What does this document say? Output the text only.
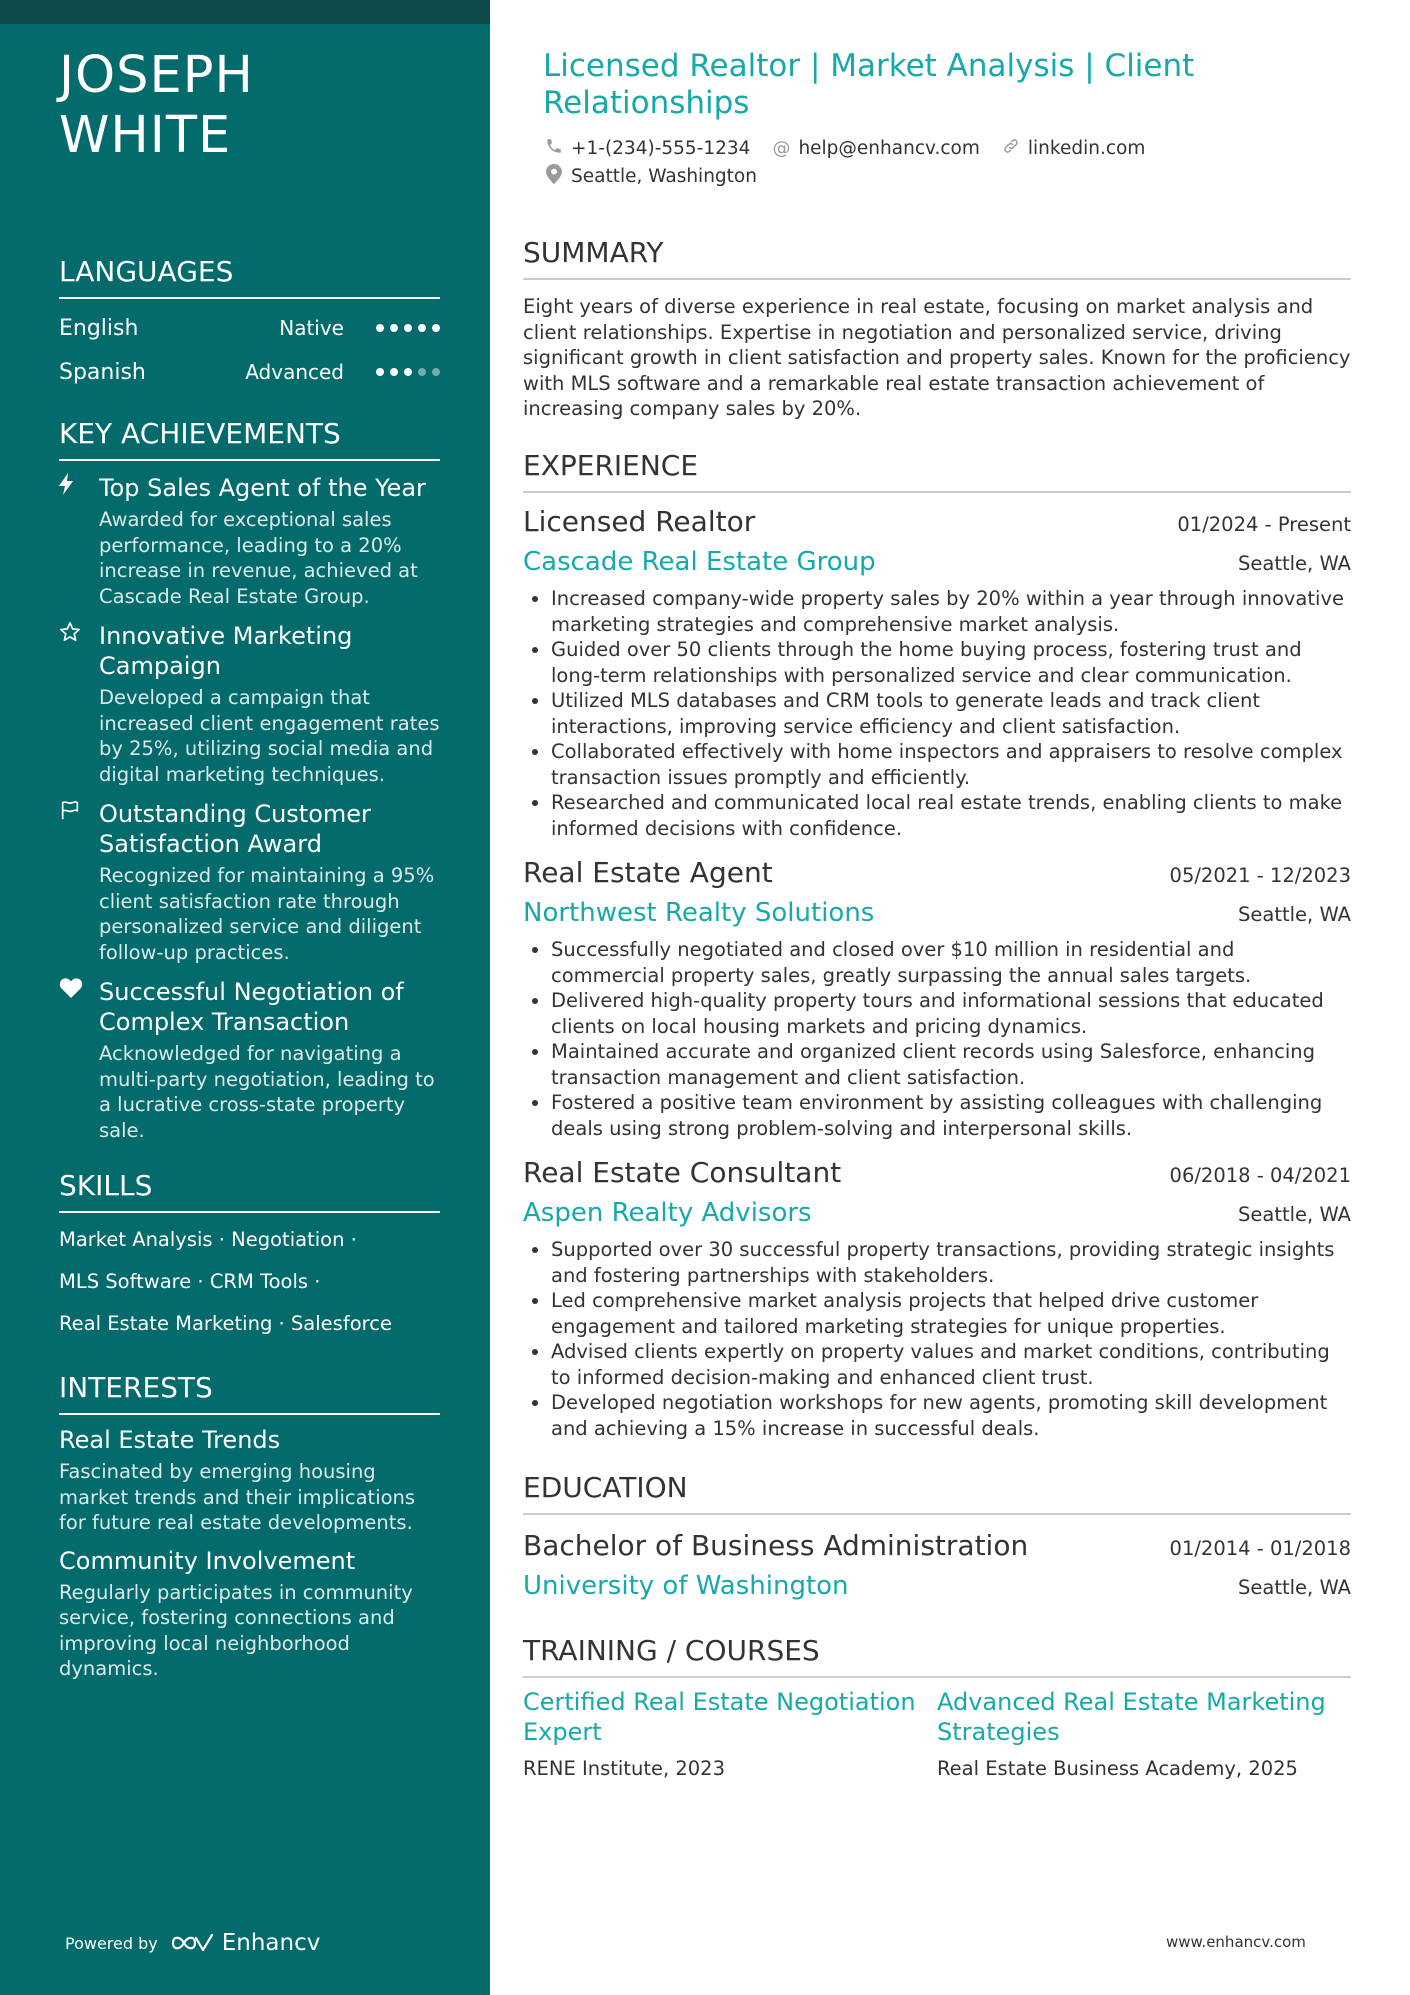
JOSEPH WHITE
LANGUAGES
English	Native
Spanish	Advanced
KEY ACHIEVEMENTS
Top Sales Agent of the Year
Awarded for exceptional sales performance, leading to a 20% increase in revenue, achieved at Cascade Real Estate Group.
Innovative Marketing Campaign
Developed a campaign that increased client engagement rates by 25%, utilizing social media and digital marketing techniques.
Outstanding Customer Satisfaction Award
Recognized for maintaining a 95% client satisfaction rate through personalized service and diligent follow-up practices.
Successful Negotiation of Complex Transaction
Acknowledged for navigating a multi-party negotiation, leading to a lucrative cross-state property sale.
SKILLS
Market Analysis · Negotiation ·
MLS Software · CRM Tools ·
Real Estate Marketing · Salesforce
INTERESTS
Real Estate Trends
Fascinated by emerging housing market trends and their implications for future real estate developments.
Community Involvement
Regularly participates in community service, fostering connections and improving local neighborhood dynamics.
Powered by	Enhancv
Licensed Realtor | Market Analysis | Client Relationships
+1-(234)-555-1234 @ help@enhancv.com	linkedin.com
Seattle, Washington
SUMMARY
Eight years of diverse experience in real estate, focusing on market analysis and client relationships. Expertise in negotiation and personalized service, driving significant growth in client satisfaction and property sales. Known for the proficiency with MLS software and a remarkable real estate transaction achievement of increasing company sales by 20%.
EXPERIENCE
Licensed Realtor	01/2024 - Present
Cascade Real Estate Group	Seattle, WA
• Increased company-wide property sales by 20% within a year through innovative marketing strategies and comprehensive market analysis.
• Guided over 50 clients through the home buying process, fostering trust and long-term relationships with personalized service and clear communication.
• Utilized MLS databases and CRM tools to generate leads and track client interactions, improving service efficiency and client satisfaction.
• Collaborated effectively with home inspectors and appraisers to resolve complex transaction issues promptly and efficiently.
• Researched and communicated local real estate trends, enabling clients to make informed decisions with confidence.
Real Estate Agent	05/2021 - 12/2023
Northwest Realty Solutions	Seattle, WA
• Successfully negotiated and closed over $10 million in residential and commercial property sales, greatly surpassing the annual sales targets.
• Delivered high-quality property tours and informational sessions that educated clients on local housing markets and pricing dynamics.
• Maintained accurate and organized client records using Salesforce, enhancing transaction management and client satisfaction.
• Fostered a positive team environment by assisting colleagues with challenging deals using strong problem-solving and interpersonal skills.
Real Estate Consultant	06/2018 - 04/2021
Aspen Realty Advisors	Seattle, WA
• Supported over 30 successful property transactions, providing strategic insights and fostering partnerships with stakeholders.
• Led comprehensive market analysis projects that helped drive customer engagement and tailored marketing strategies for unique properties.
• Advised clients expertly on property values and market conditions, contributing to informed decision-making and enhanced client trust.
• Developed negotiation workshops for new agents, promoting skill development and achieving a 15% increase in successful deals.
EDUCATION
Bachelor of Business Administration	01/2014 - 01/2018
University of Washington	Seattle, WA
TRAINING / COURSES
Certified Real Estate Negotiation Expert
RENE Institute, 2023
Advanced Real Estate Marketing Strategies
Real Estate Business Academy, 2025
www.enhancv.com
